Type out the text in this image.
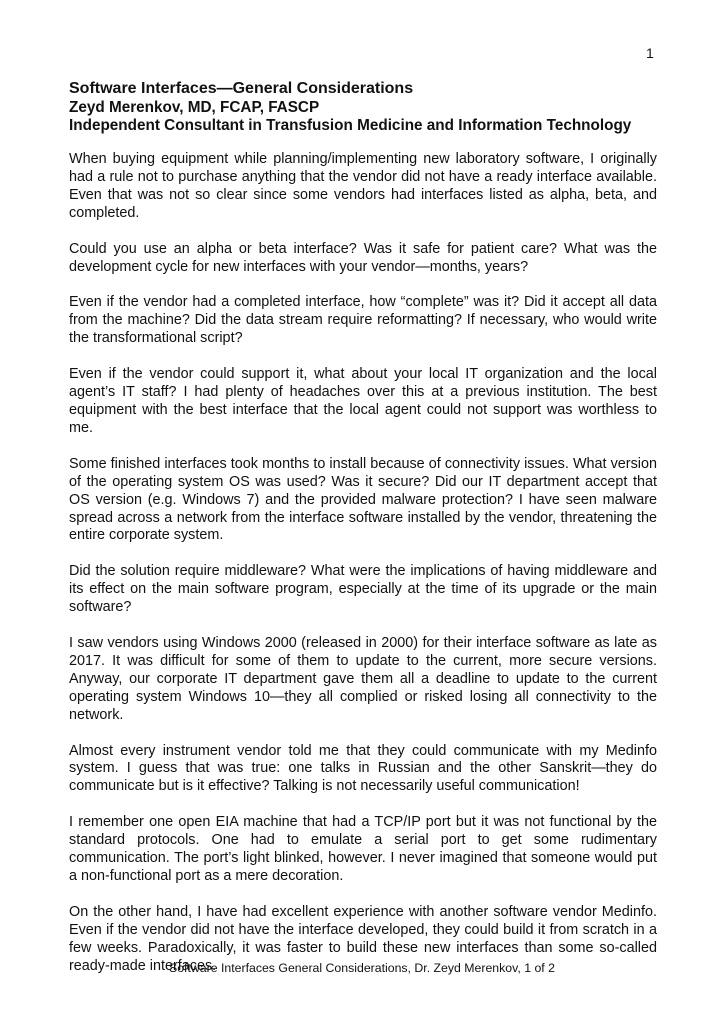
1
Software Interfaces—General Considerations
Zeyd Merenkov, MD, FCAP, FASCP
Independent Consultant in Transfusion Medicine and Information Technology

When buying equipment while planning/implementing new laboratory software, I originally had a rule not to purchase anything that the vendor did not have a ready interface available. Even that was not so clear since some vendors had interfaces listed as alpha, beta, and completed.

Could you use an alpha or beta interface? Was it safe for patient care? What was the development cycle for new interfaces with your vendor—months, years?

Even if the vendor had a completed interface, how “complete” was it? Did it accept all data from the machine? Did the data stream require reformatting? If necessary, who would write the transformational script?

Even if the vendor could support it, what about your local IT organization and the local agent’s IT staff? I had plenty of headaches over this at a previous institution. The best equipment with the best interface that the local agent could not support was worthless to me.

Some finished interfaces took months to install because of connectivity issues. What version of the operating system OS was used? Was it secure? Did our IT department accept that OS version (e.g. Windows 7) and the provided malware protection? I have seen malware spread across a network from the interface software installed by the vendor, threatening the entire corporate system.

Did the solution require middleware? What were the implications of having middleware and its effect on the main software program, especially at the time of its upgrade or the main software?

I saw vendors using Windows 2000 (released in 2000) for their interface software as late as 2017. It was difficult for some of them to update to the current, more secure versions. Anyway, our corporate IT department gave them all a deadline to update to the current operating system Windows 10—they all complied or risked losing all connectivity to the network.

Almost every instrument vendor told me that they could communicate with my Medinfo system. I guess that was true: one talks in Russian and the other Sanskrit—they do communicate but is it effective? Talking is not necessarily useful communication!

I remember one open EIA machine that had a TCP/IP port but it was not functional by the standard protocols. One had to emulate a serial port to get some rudimentary communication. The port’s light blinked, however. I never imagined that someone would put a non-functional port as a mere decoration.

On the other hand, I have had excellent experience with another software vendor Medinfo. Even if the vendor did not have the interface developed, they could build it from scratch in a few weeks. Paradoxically, it was faster to build these new interfaces than some so-called ready-made interfaces.

Software Interfaces General Considerations, Dr. Zeyd Merenkov, 1 of 2
